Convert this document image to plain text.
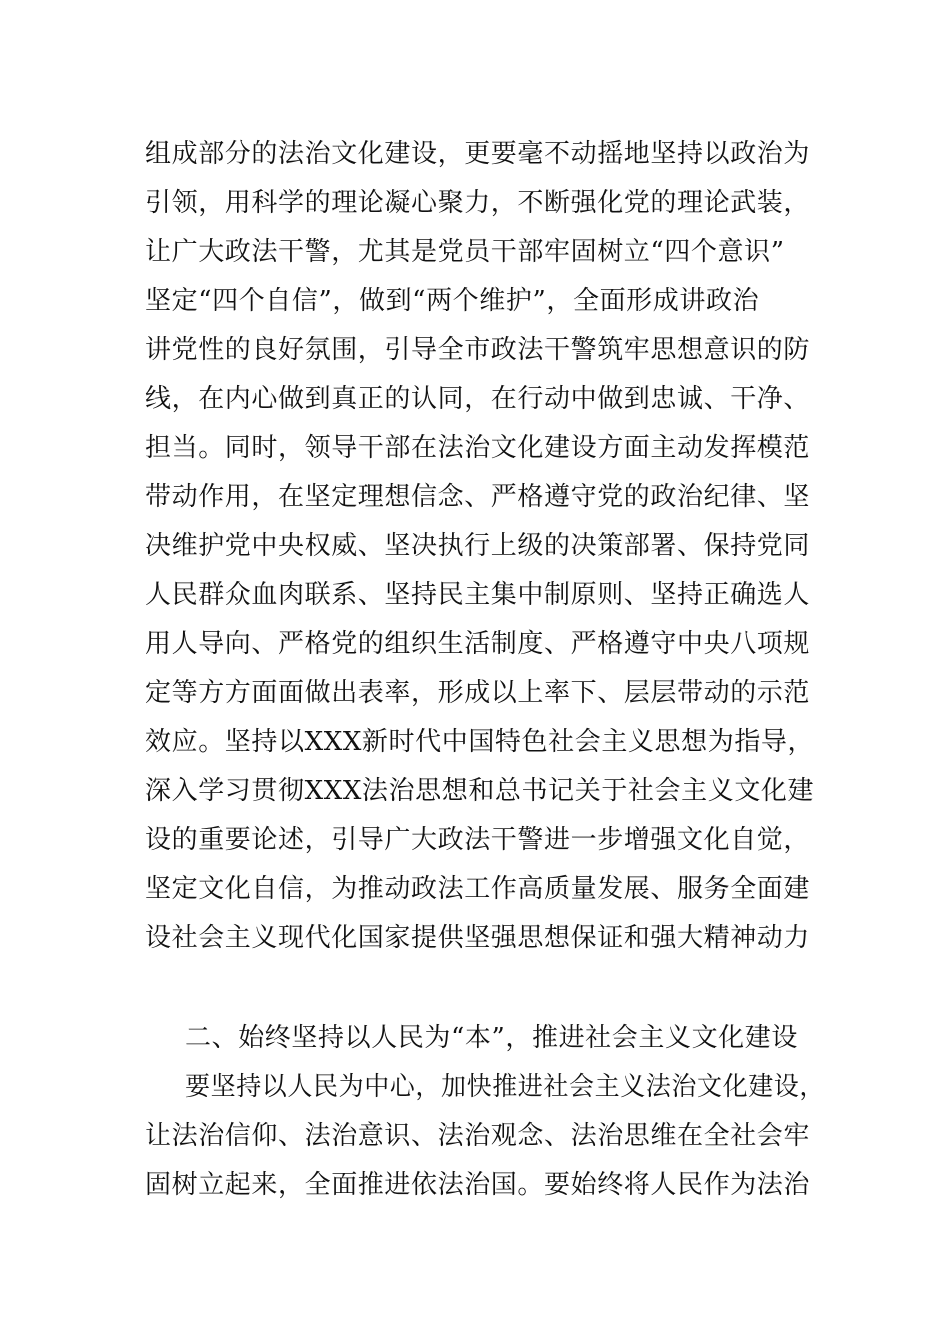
组成部分的法治文化建设，更要毫不动摇地坚持以政治为
引领，用科学的理论凝心聚力，不断强化党的理论武装，
让广大政法干警，尤其是党员干部牢固树立“四个意识”
坚定“四个自信”，做到“两个维护”，全面形成讲政治
讲党性的良好氛围，引导全市政法干警筑牢思想意识的防
线，在内心做到真正的认同，在行动中做到忠诚、干净、
担当。同时，领导干部在法治文化建设方面主动发挥模范
带动作用，在坚定理想信念、严格遵守党的政治纪律、坚
决维护党中央权威、坚决执行上级的决策部署、保持党同
人民群众血肉联系、坚持民主集中制原则、坚持正确选人
用人导向、严格党的组织生活制度、严格遵守中央八项规
定等方方面面做出表率，形成以上率下、层层带动的示范
效应。坚持以XXX新时代中国特色社会主义思想为指导，
深入学习贯彻XXX法治思想和总书记关于社会主义文化建
设的重要论述，引导广大政法干警进一步增强文化自觉，
坚定文化自信，为推动政法工作高质量发展、服务全面建
设社会主义现代化国家提供坚强思想保证和强大精神动力
二、始终坚持以人民为“本”，推进社会主义文化建设
要坚持以人民为中心，加快推进社会主义法治文化建设，
让法治信仰、法治意识、法治观念、法治思维在全社会牢
固树立起来，全面推进依法治国。要始终将人民作为法治
